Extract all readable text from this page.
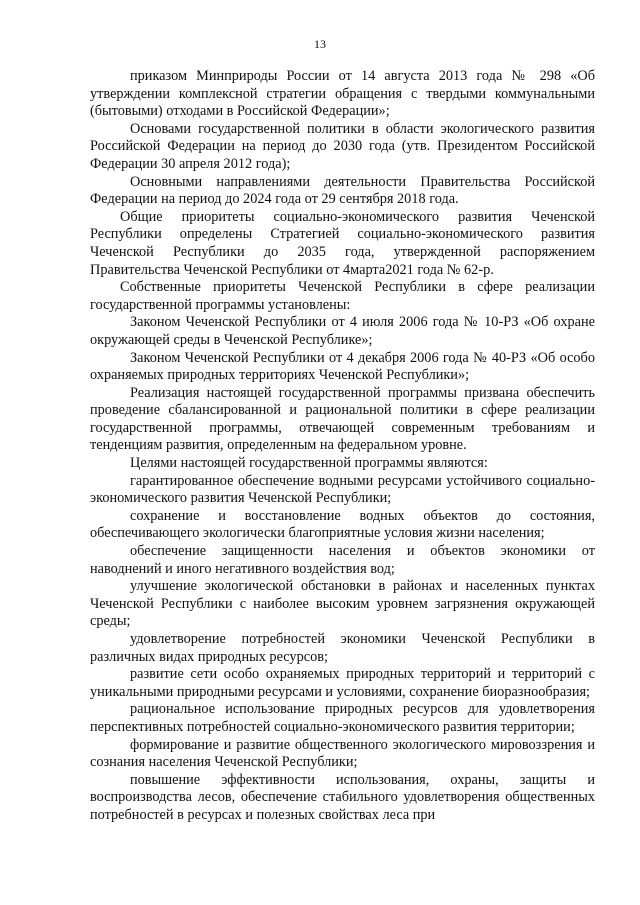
13

приказом Минприроды России от 14 августа 2013 года № 298 «Об утверждении комплексной стратегии обращения с твердыми коммунальными (бытовыми) отходами в Российской Федерации»;

Основами государственной политики в области экологического развития Российской Федерации на период до 2030 года (утв. Президентом Российской Федерации 30 апреля 2012 года);

Основными направлениями деятельности Правительства Российской Федерации на период до 2024 года от 29 сентября 2018 года.

Общие приоритеты социально-экономического развития Чеченской Республики определены Стратегией социально-экономического развития Чеченской Республики до 2035 года, утвержденной распоряжением Правительства Чеченской Республики от 4марта2021 года № 62-р.

Собственные приоритеты Чеченской Республики в сфере реализации государственной программы установлены:

Законом Чеченской Республики от 4 июля 2006 года № 10-РЗ «Об охране окружающей среды в Чеченской Республике»;

Законом Чеченской Республики от 4 декабря 2006 года № 40-РЗ «Об особо охраняемых природных территориях Чеченской Республики»;

Реализация настоящей государственной программы призвана обеспечить проведение сбалансированной и рациональной политики в сфере реализации государственной программы, отвечающей современным требованиям и тенденциям развития, определенным на федеральном уровне.

Целями настоящей государственной программы являются:

гарантированное обеспечение водными ресурсами устойчивого социально-экономического развития Чеченской Республики;

сохранение и восстановление водных объектов до состояния, обеспечивающего экологически благоприятные условия жизни населения;

обеспечение защищенности населения и объектов экономики от наводнений и иного негативного воздействия вод;

улучшение экологической обстановки в районах и населенных пунктах Чеченской Республики с наиболее высоким уровнем загрязнения окружающей среды;

удовлетворение потребностей экономики Чеченской Республики в различных видах природных ресурсов;

развитие сети особо охраняемых природных территорий и территорий с уникальными природными ресурсами и условиями, сохранение биоразнообразия;

рациональное использование природных ресурсов для удовлетворения перспективных потребностей социально-экономического развития территории;

формирование и развитие общественного экологического мировоззрения и сознания населения Чеченской Республики;

повышение эффективности использования, охраны, защиты и воспроизводства лесов, обеспечение стабильного удовлетворения общественных потребностей в ресурсах и полезных свойствах леса при
